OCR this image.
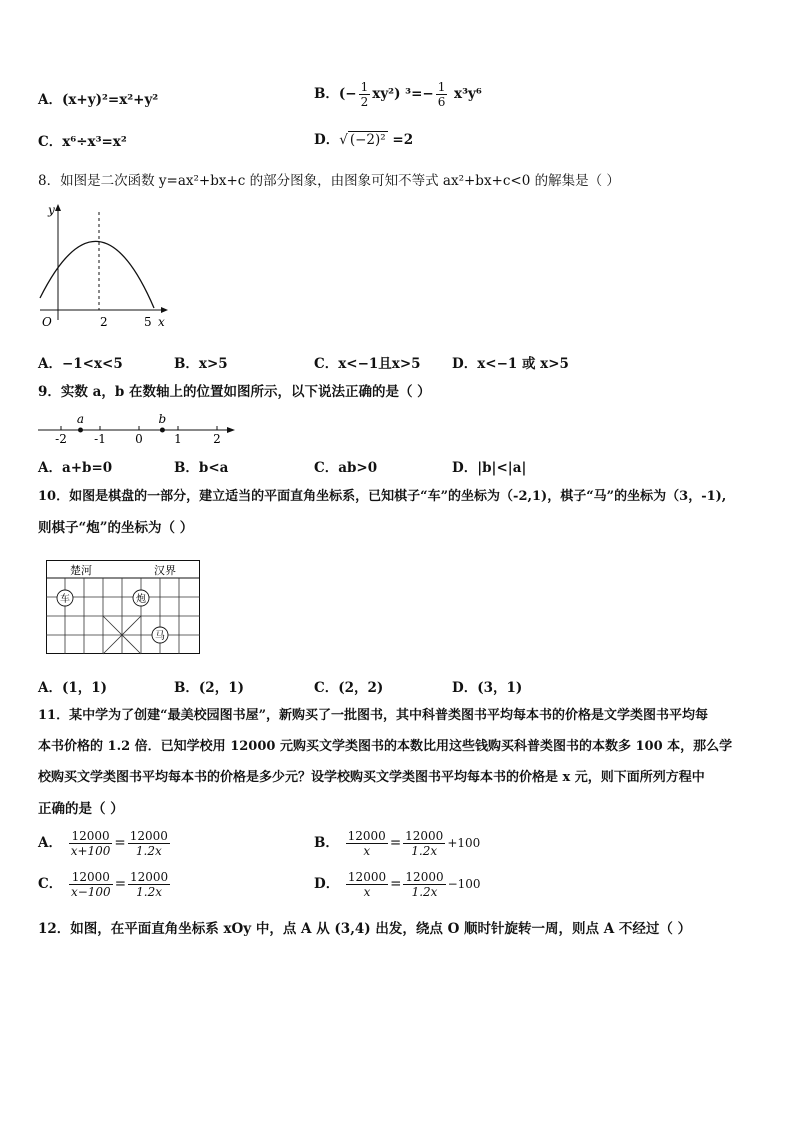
A．(x+y)²=x²+y²	B．(− $\frac{1}{2} xy^2$) $^3=- \frac{1}{6} x^3y^6$
C．x⁶÷x³=x²	D．√ (−2)² =2
8．如图是二次函数 y=ax²+bx+c 的部分图象，由图象可知不等式 ax²+bx+c<0 的解集是（ ）
y
O	2	5 x
A．−1<x<5	B．x>5	C．x<−1且x>5 D．x<−1 或 x>5
9．实数 a，b 在数轴上的位置如图所示，以下说法正确的是（ ）
-2 -1 0	1	2
a	b
A．a+b=0	B．b<a	C．ab>0	D．|b|<|a|
10．如图是棋盘的一部分，建立适当的平面直角坐标系，已知棋子“车”的坐标为（-2,1)，棋子“马”的坐标为（3，-1),
则棋子“炮”的坐标为（ ）
楚河	汉界
车	炮
马
A．(1，1)	B．(2，1)	C．(2，2)	D．(3，1)
11．某中学为了创建“最美校园图书屋”，新购买了一批图书，其中科普类图书平均每本书的价格是文学类图书平均每
本书价格的 1.2 倍．已知学校用 12000 元购买文学类图书的本数比用这些钱购买科普类图书的本数多 100 本，那么学
校购买文学类图书平均每本书的价格是多少元？设学校购买文学类图书平均每本书的价格是 x 元，则下面所列方程中
正确的是（ ）
A． $\frac{12000}{x+100} = \frac{12000}{1.2x}$	B． $\frac{12000}{x} = \frac{12000}{1.2x} +100$
C． $\frac{12000}{x-100} = \frac{12000}{1.2x}$	D． $\frac{12000}{x} = \frac{12000}{1.2x} -100$
12．如图，在平面直角坐标系 xOy 中，点 A 从 (3,4) 出发，绕点 O 顺时针旋转一周，则点 A 不经过（ ）
